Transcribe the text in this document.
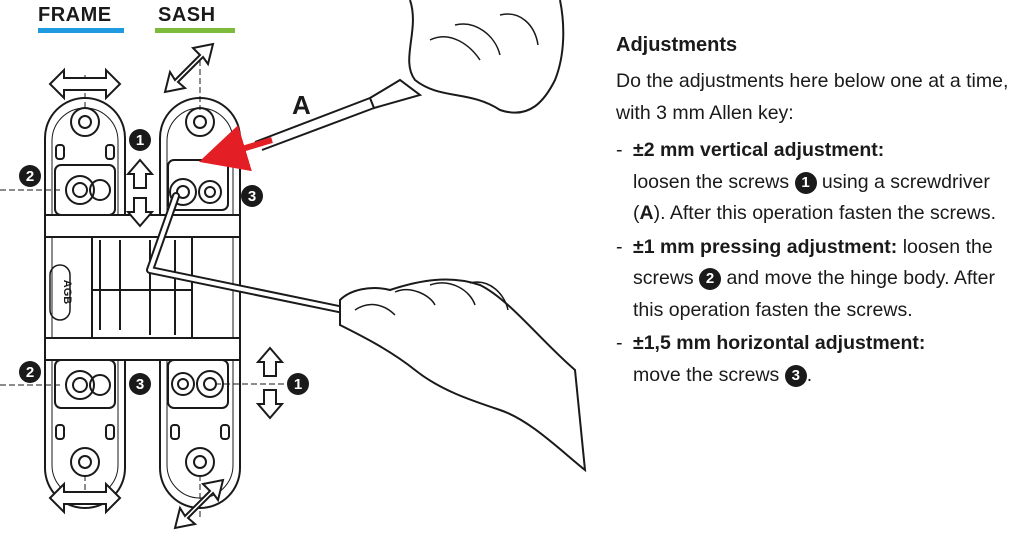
FRAME SASH
A
1
1
2
2
3
3
AGB
Adjustments

Do the adjustments here below one at a time, with 3 mm Allen key:

- ±2 mm vertical adjustment:
loosen the screws 1 using a screwdriver (A). After this operation fasten the screws.
- ±1 mm pressing adjustment: loosen the screws 2 and move the hinge body. After this operation fasten the screws.
- ±1,5 mm horizontal adjustment:
move the screws 3 .
